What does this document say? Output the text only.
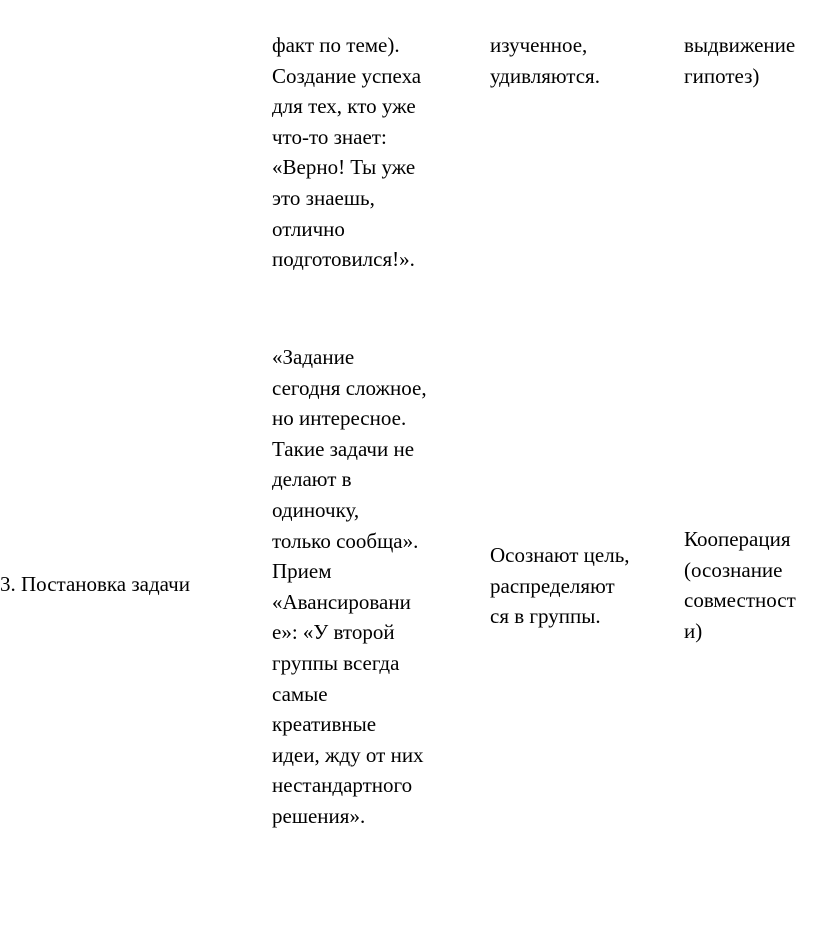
факт по теме).
Создание успеха
для тех, кто уже
что-то знает:
«Верно! Ты уже
это знаешь,
отлично
подготовился!».
изученное,
удивляются.
выдвижение
гипотез)
3. Постановка задачи
«Задание
сегодня сложное,
но интересное.
Такие задачи не
делают в
одиночку,
только сообща».
Прием
«Авансировани
е»: «У второй
группы всегда
самые
креативные
идеи, жду от них
нестандартного
решения».
Осознают цель,
распределяют
ся в группы.
Кооперация
(осознание
совместност
и)
